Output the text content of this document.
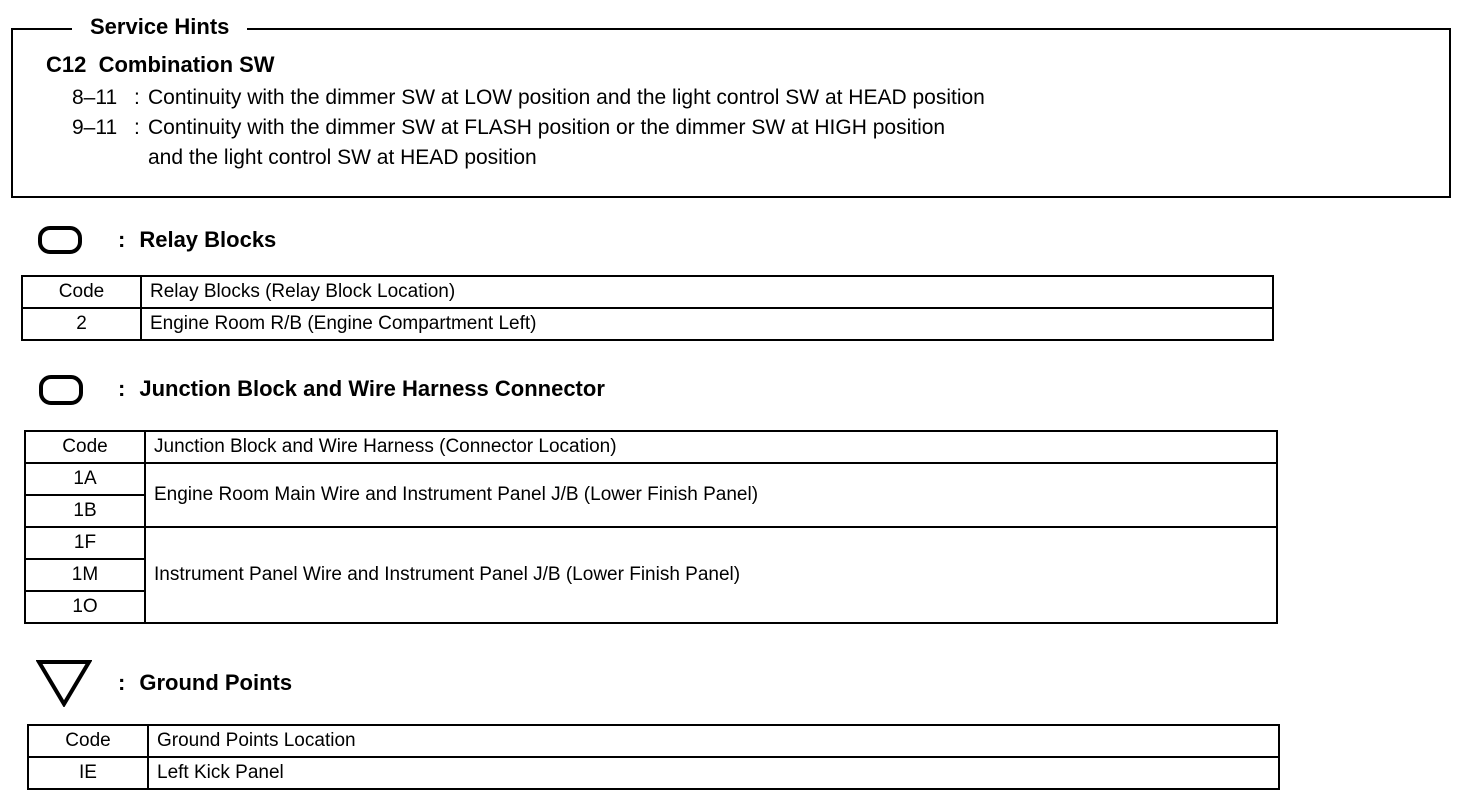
Service Hints
C12  Combination SW
8–11 : Continuity with the dimmer SW at LOW position and the light control SW at HEAD position
9–11 : Continuity with the dimmer SW at FLASH position or the dimmer SW at HIGH position
and the light control SW at HEAD position
: Relay Blocks
Code	Relay Blocks (Relay Block Location)
2	Engine Room R/B (Engine Compartment Left)
: Junction Block and Wire Harness Connector
Code	Junction Block and Wire Harness (Connector Location)
1A	Engine Room Main Wire and Instrument Panel J/B (Lower Finish Panel)
1B	
1F	Instrument Panel Wire and Instrument Panel J/B (Lower Finish Panel)
1M	
1O	
: Ground Points
Code	Ground Points Location
IE	Left Kick Panel
